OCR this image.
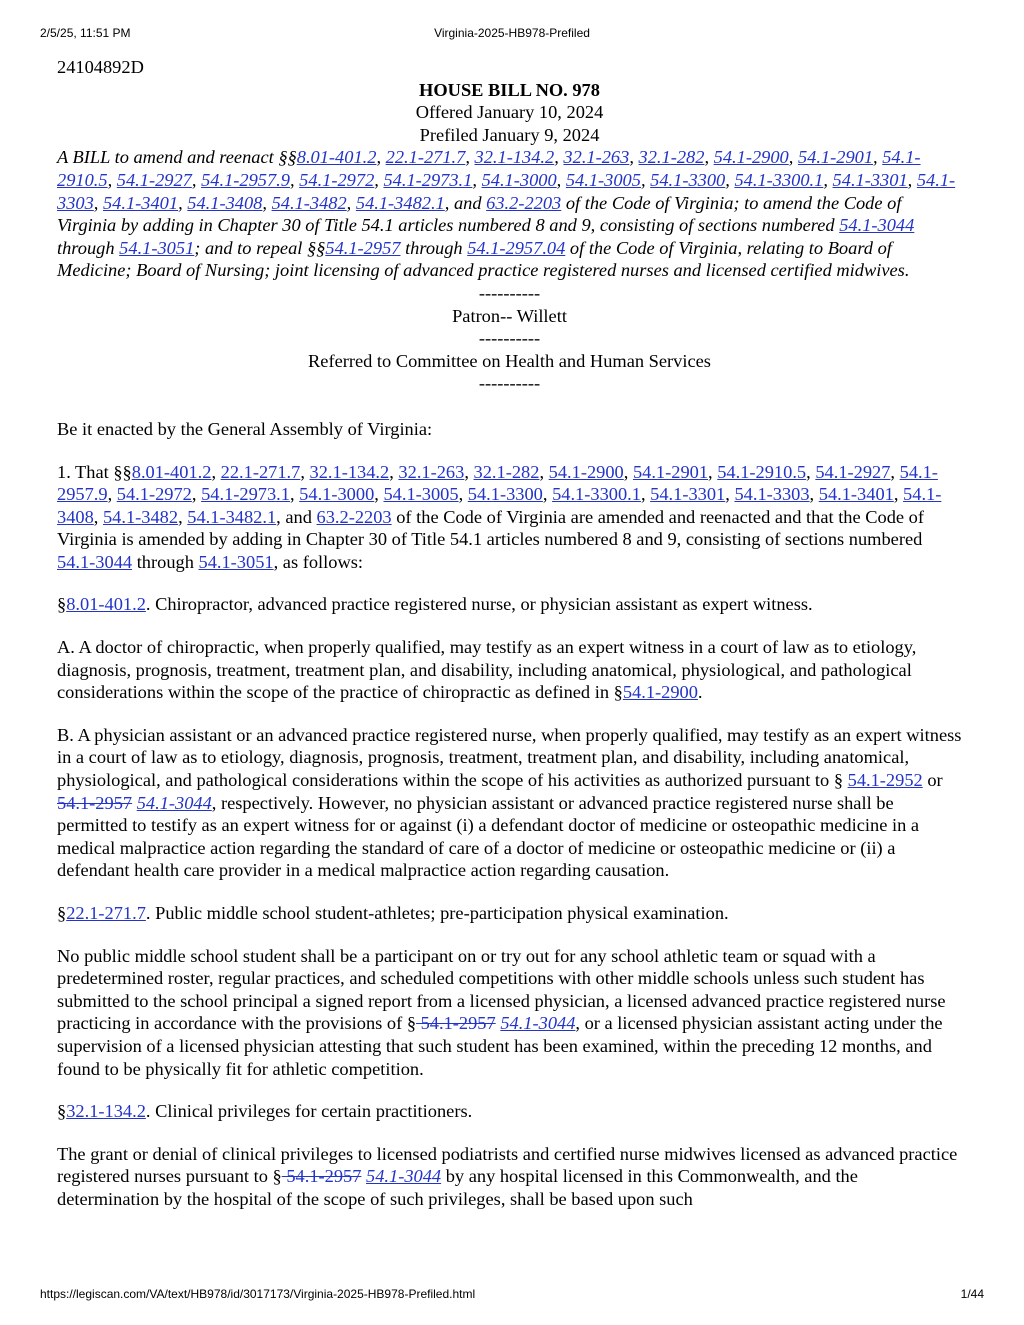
2/5/25, 11:51 PM	Virginia-2025-HB978-Prefiled
24104892D
HOUSE BILL NO. 978
Offered January 10, 2024
Prefiled January 9, 2024
A BILL to amend and reenact §§8.01-401.2, 22.1-271.7, 32.1-134.2, 32.1-263, 32.1-282, 54.1-2900, 54.1-2901, 54.1-2910.5, 54.1-2927, 54.1-2957.9, 54.1-2972, 54.1-2973.1, 54.1-3000, 54.1-3005, 54.1-3300, 54.1-3300.1, 54.1-3301, 54.1-3303, 54.1-3401, 54.1-3408, 54.1-3482, 54.1-3482.1, and 63.2-2203 of the Code of Virginia; to amend the Code of Virginia by adding in Chapter 30 of Title 54.1 articles numbered 8 and 9, consisting of sections numbered 54.1-3044 through 54.1-3051; and to repeal §§54.1-2957 through 54.1-2957.04 of the Code of Virginia, relating to Board of Medicine; Board of Nursing; joint licensing of advanced practice registered nurses and licensed certified midwives.
----------
Patron-- Willett
----------
Referred to Committee on Health and Human Services
----------

Be it enacted by the General Assembly of Virginia:

1. That §§8.01-401.2, 22.1-271.7, 32.1-134.2, 32.1-263, 32.1-282, 54.1-2900, 54.1-2901, 54.1-2910.5, 54.1-2927, 54.1-2957.9, 54.1-2972, 54.1-2973.1, 54.1-3000, 54.1-3005, 54.1-3300, 54.1-3300.1, 54.1-3301, 54.1-3303, 54.1-3401, 54.1-3408, 54.1-3482, 54.1-3482.1, and 63.2-2203 of the Code of Virginia are amended and reenacted and that the Code of Virginia is amended by adding in Chapter 30 of Title 54.1 articles numbered 8 and 9, consisting of sections numbered 54.1-3044 through 54.1-3051, as follows:

§8.01-401.2. Chiropractor, advanced practice registered nurse, or physician assistant as expert witness.

A. A doctor of chiropractic, when properly qualified, may testify as an expert witness in a court of law as to etiology, diagnosis, prognosis, treatment, treatment plan, and disability, including anatomical, physiological, and pathological considerations within the scope of the practice of chiropractic as defined in §54.1-2900.

B. A physician assistant or an advanced practice registered nurse, when properly qualified, may testify as an expert witness in a court of law as to etiology, diagnosis, prognosis, treatment, treatment plan, and disability, including anatomical, physiological, and pathological considerations within the scope of his activities as authorized pursuant to § 54.1-2952 or 54.1-2957 54.1-3044, respectively. However, no physician assistant or advanced practice registered nurse shall be permitted to testify as an expert witness for or against (i) a defendant doctor of medicine or osteopathic medicine in a medical malpractice action regarding the standard of care of a doctor of medicine or osteopathic medicine or (ii) a defendant health care provider in a medical malpractice action regarding causation.

§22.1-271.7. Public middle school student-athletes; pre-participation physical examination.

No public middle school student shall be a participant on or try out for any school athletic team or squad with a predetermined roster, regular practices, and scheduled competitions with other middle schools unless such student has submitted to the school principal a signed report from a licensed physician, a licensed advanced practice registered nurse practicing in accordance with the provisions of § 54.1-2957 54.1-3044, or a licensed physician assistant acting under the supervision of a licensed physician attesting that such student has been examined, within the preceding 12 months, and found to be physically fit for athletic competition.

§32.1-134.2. Clinical privileges for certain practitioners.

The grant or denial of clinical privileges to licensed podiatrists and certified nurse midwives licensed as advanced practice registered nurses pursuant to § 54.1-2957 54.1-3044 by any hospital licensed in this Commonwealth, and the determination by the hospital of the scope of such privileges, shall be based upon such

https://legiscan.com/VA/text/HB978/id/3017173/Virginia-2025-HB978-Prefiled.html	1/44
